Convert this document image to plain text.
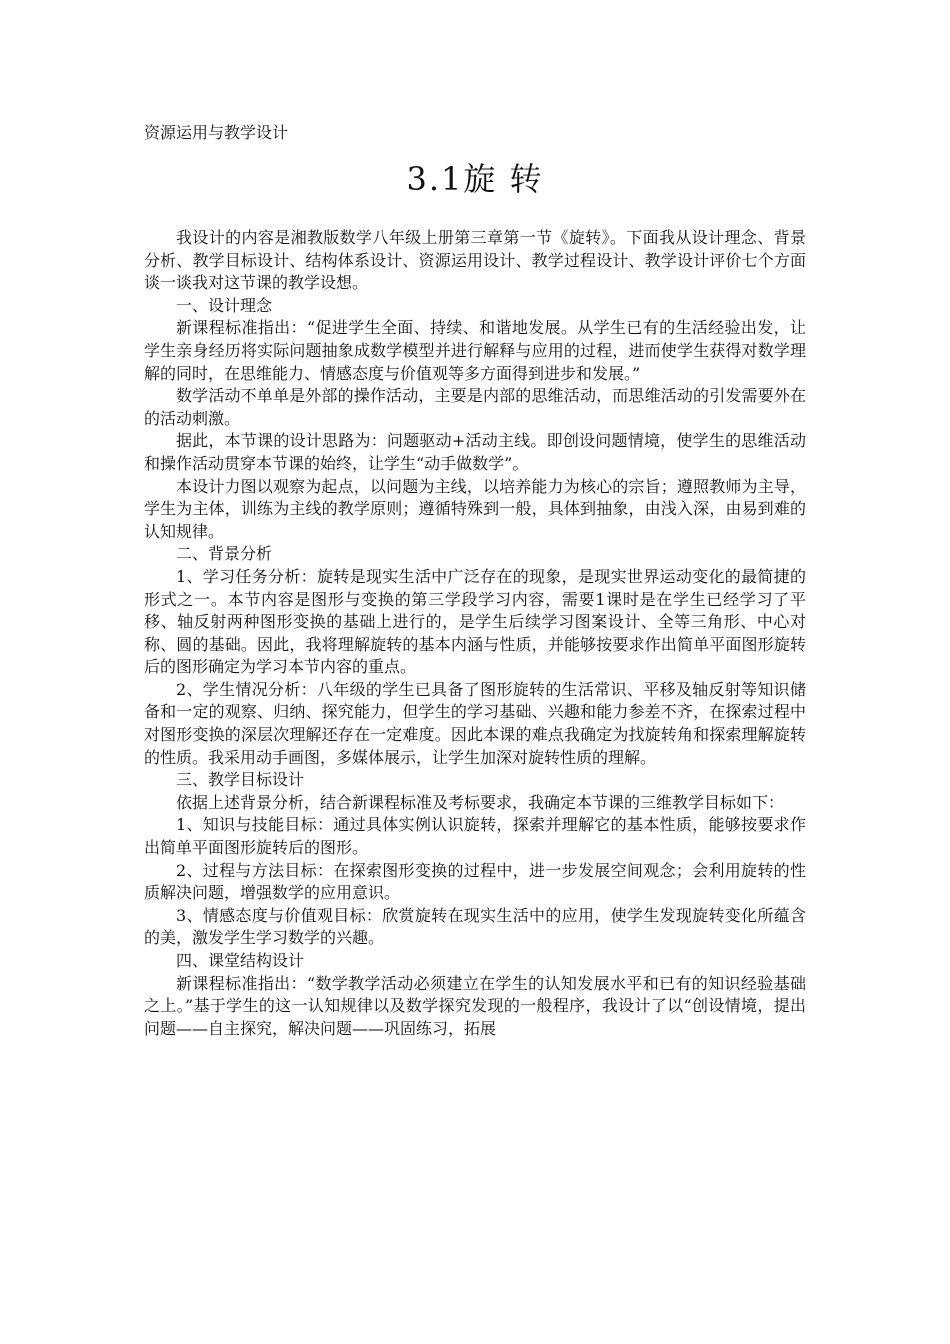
资源运用与教学设计
3.1旋 转
我设计的内容是湘教版数学八年级上册第三章第一节《旋转》。下面我从设计理念、背景分析、教学目标设计、结构体系设计、资源运用设计、教学过程设计、教学设计评价七个方面谈一谈我对这节课的教学设想。
一、设计理念
新课程标准指出：“促进学生全面、持续、和谐地发展。从学生已有的生活经验出发，让学生亲身经历将实际问题抽象成数学模型并进行解释与应用的过程，进而使学生获得对数学理解的同时，在思维能力、情感态度与价值观等多方面得到进步和发展。”
数学活动不单单是外部的操作活动，主要是内部的思维活动，而思维活动的引发需要外在的活动刺激。
据此，本节课的设计思路为：问题驱动+活动主线。即创设问题情境，使学生的思维活动和操作活动贯穿本节课的始终，让学生“动手做数学”。
本设计力图以观察为起点，以问题为主线，以培养能力为核心的宗旨；遵照教师为主导，学生为主体，训练为主线的教学原则；遵循特殊到一般，具体到抽象，由浅入深，由易到难的认知规律。
二、背景分析
1、学习任务分析：旋转是现实生活中广泛存在的现象，是现实世界运动变化的最简捷的形式之一。本节内容是图形与变换的第三学段学习内容，需要1课时是在学生已经学习了平移、轴反射两种图形变换的基础上进行的，是学生后续学习图案设计、全等三角形、中心对称、圆的基础。因此，我将理解旋转的基本内涵与性质，并能够按要求作出简单平面图形旋转后的图形确定为学习本节内容的重点。
2、学生情况分析：八年级的学生已具备了图形旋转的生活常识、平移及轴反射等知识储备和一定的观察、归纳、探究能力，但学生的学习基础、兴趣和能力参差不齐，在探索过程中对图形变换的深层次理解还存在一定难度。因此本课的难点我确定为找旋转角和探索理解旋转的性质。我采用动手画图，多媒体展示，让学生加深对旋转性质的理解。
三、教学目标设计
依据上述背景分析，结合新课程标准及考标要求，我确定本节课的三维教学目标如下：
1、知识与技能目标：通过具体实例认识旋转，探索并理解它的基本性质，能够按要求作出简单平面图形旋转后的图形。
2、过程与方法目标：在探索图形变换的过程中，进一步发展空间观念；会利用旋转的性质解决问题，增强数学的应用意识。
3、情感态度与价值观目标：欣赏旋转在现实生活中的应用，使学生发现旋转变化所蕴含的美，激发学生学习数学的兴趣。
四、课堂结构设计
新课程标准指出：“数学教学活动必须建立在学生的认知发展水平和已有的知识经验基础之上。”基于学生的这一认知规律以及数学探究发现的一般程序，我设计了以“创设情境，提出问题——自主探究，解决问题——巩固练习，拓展
